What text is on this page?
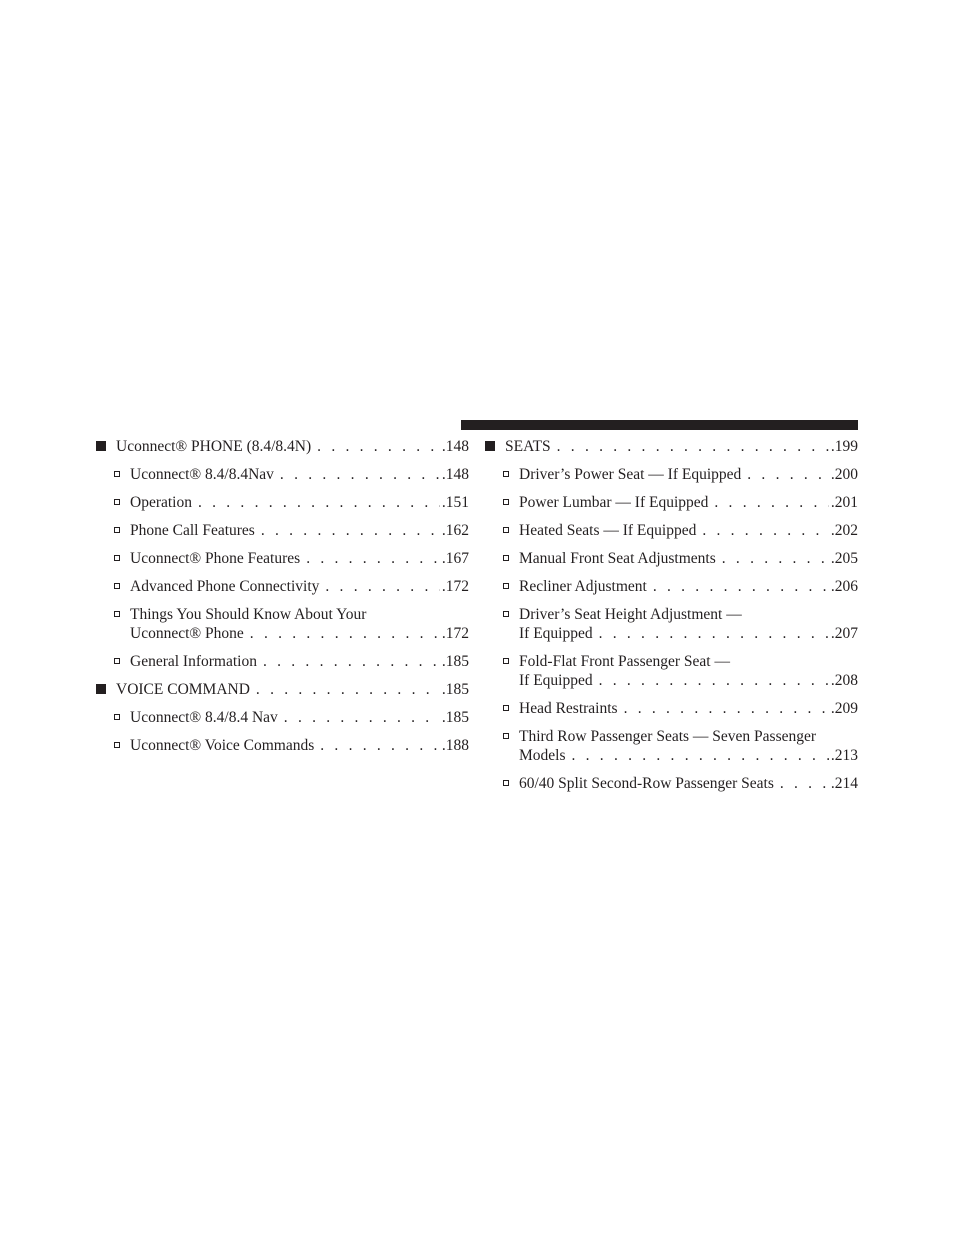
Uconnect® PHONE (8.4/8.4N) . . .	.148
Uconnect® 8.4/8.4Nav . . .	.148
Operation . . .	.151
Phone Call Features . . .	.162
Uconnect® Phone Features . . .	.167
Advanced Phone Connectivity . . .	.172
Things You Should Know About Your
Uconnect® Phone . . .	.172
General Information . . .	.185
VOICE COMMAND . . .	.185
Uconnect® 8.4/8.4 Nav . . .	.185
Uconnect® Voice Commands . . .	.188
SEATS . . .	.199
Driver’s Power Seat — If Equipped . . .	.200
Power Lumbar — If Equipped . . .	.201
Heated Seats — If Equipped . . .	.202
Manual Front Seat Adjustments . . .	.205
Recliner Adjustment . . .	.206
Driver’s Seat Height Adjustment —
If Equipped . . .	.207
Fold-Flat Front Passenger Seat —
If Equipped . . .	.208
Head Restraints . . .	.209
Third Row Passenger Seats — Seven Passenger
Models . . .	.213
60/40 Split Second-Row Passenger Seats . . .	.214
